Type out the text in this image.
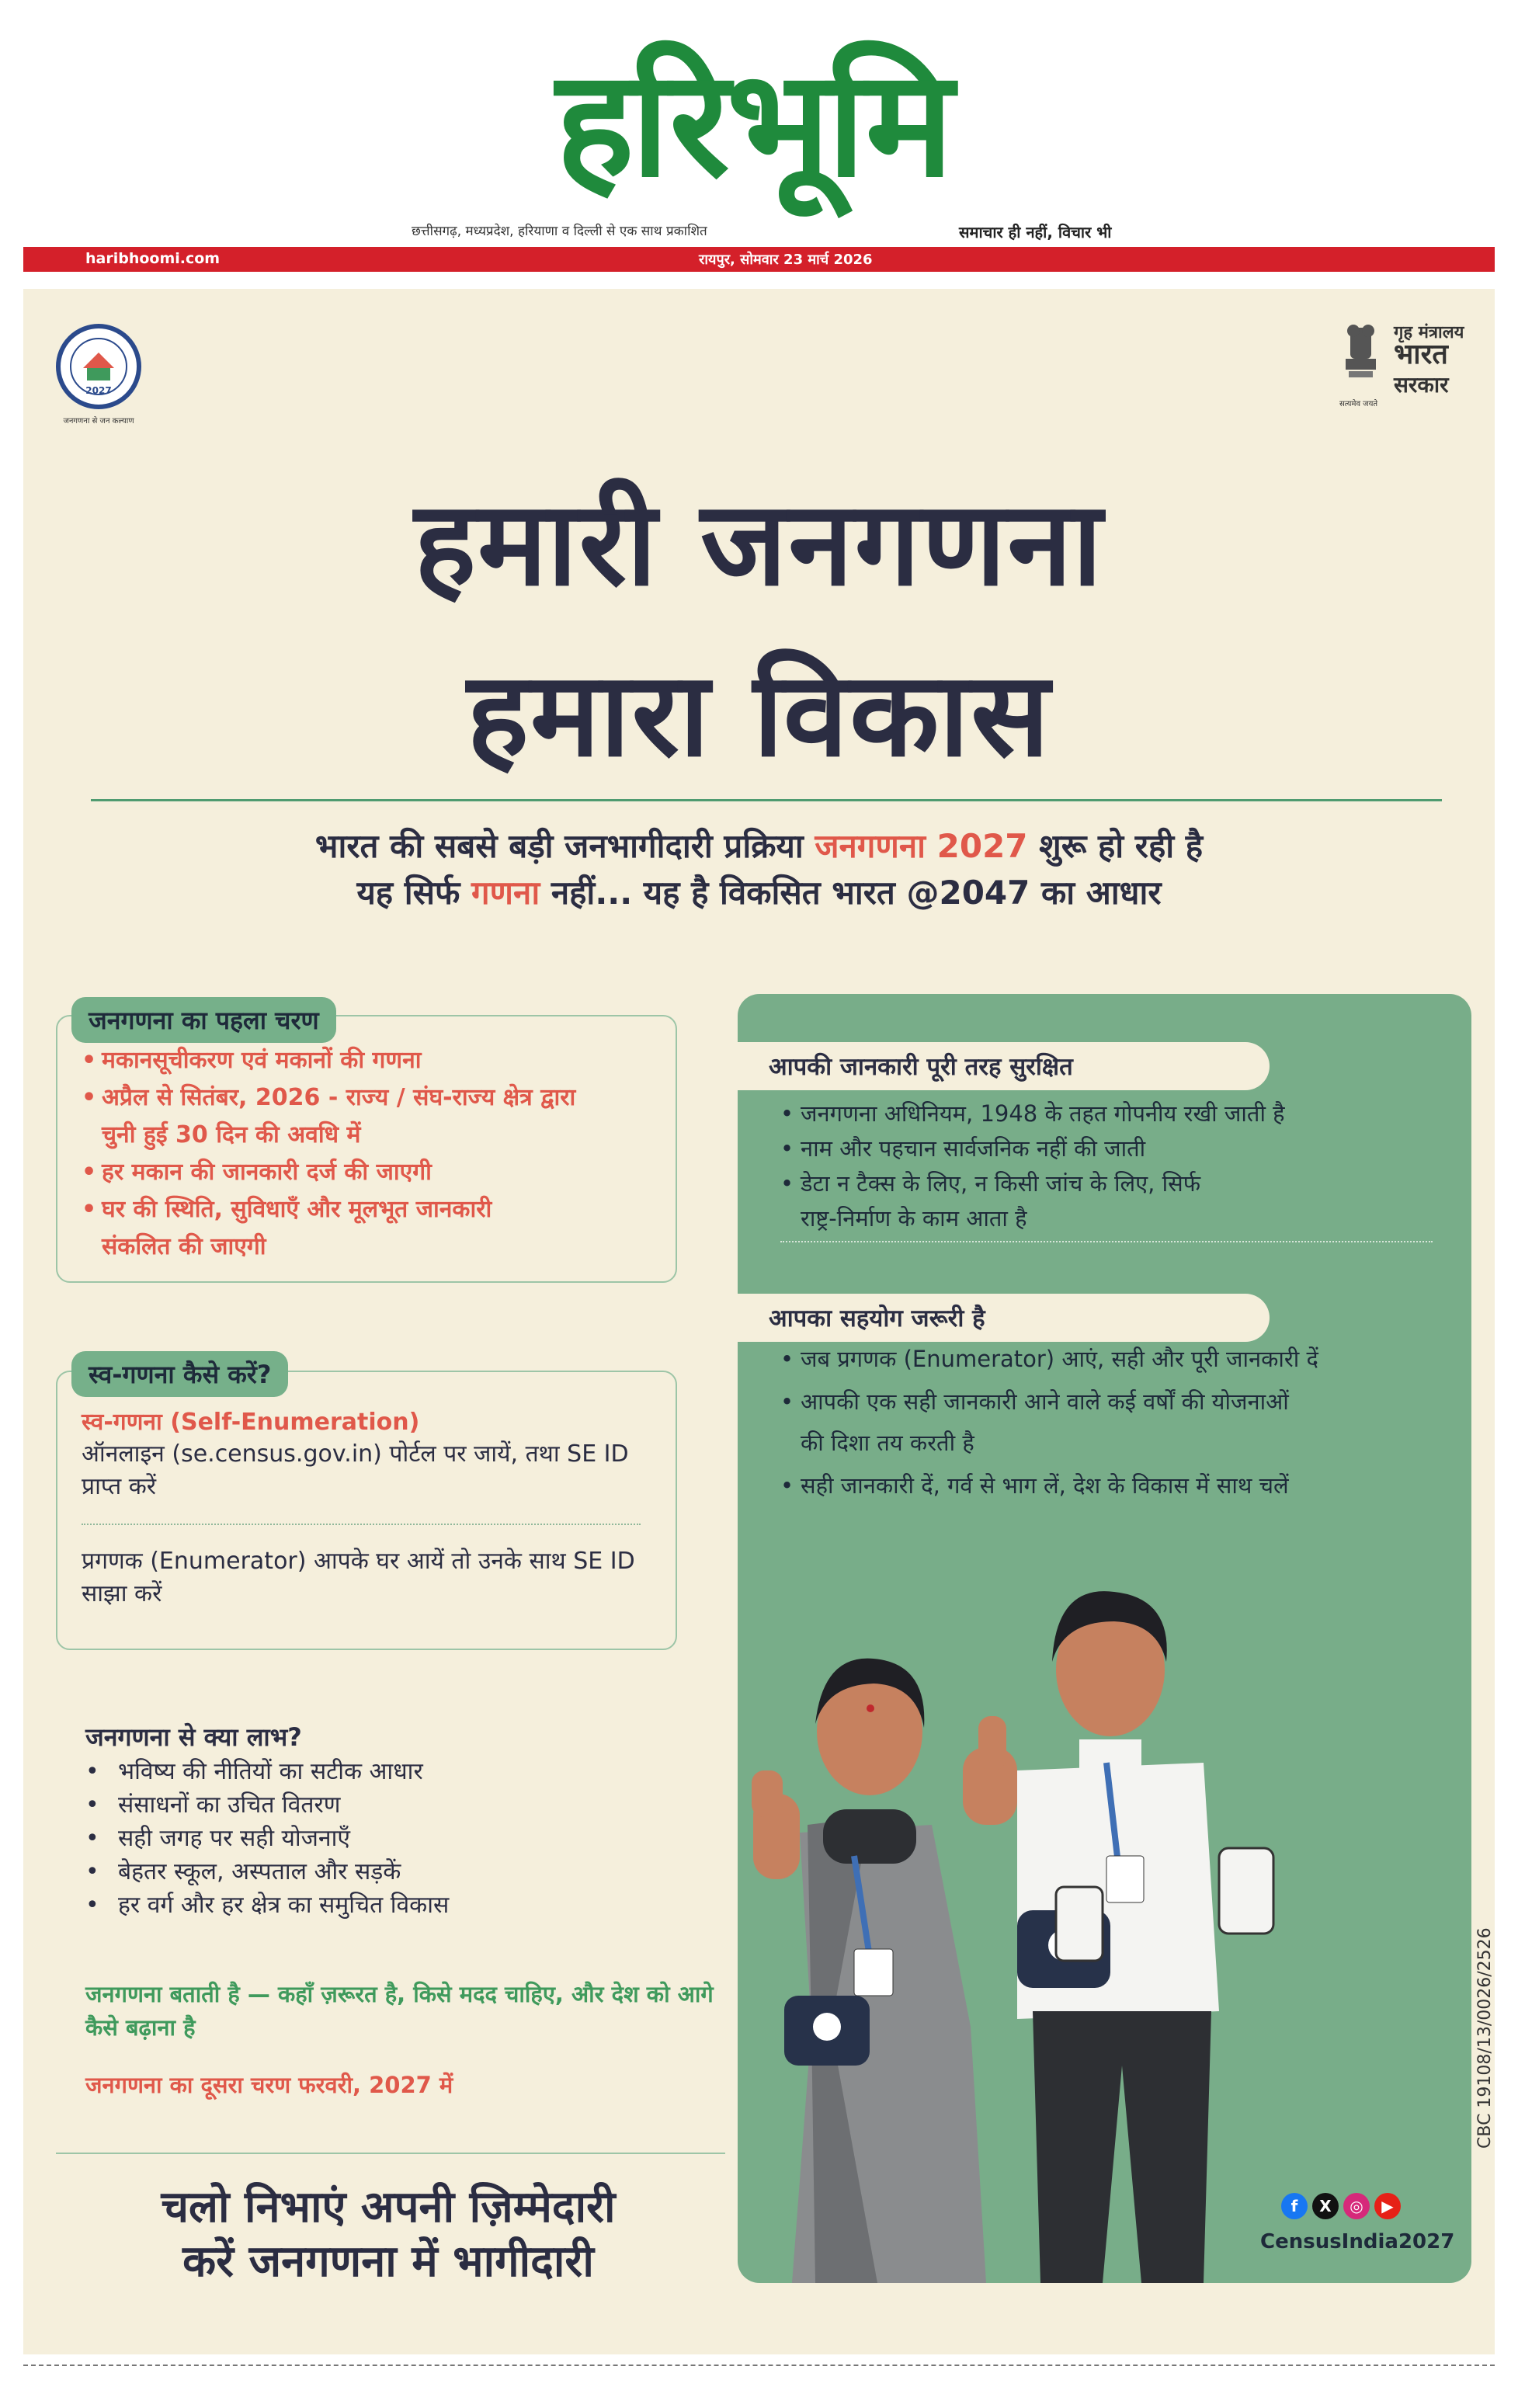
हरिभूमि
छत्तीसगढ़, मध्यप्रदेश, हरियाणा व दिल्ली से एक साथ प्रकाशित	समाचार ही नहीं, विचार भी
haribhoomi.com	रायपुर, सोमवार 23 मार्च 2026
2027
जनगणना से जन कल्याण
गृह मंत्रालय
भारत
सरकार
सत्यमेव जयते
हमारी जनगणना
हमारा विकास
भारत की सबसे बड़ी जनभागीदारी प्रक्रिया जनगणना 2027 शुरू हो रही है
यह सिर्फ गणना नहीं... यह है विकसित भारत @2047 का आधार
जनगणना का पहला चरण
• मकानसूचीकरण एवं मकानों की गणना
• अप्रैल से सितंबर, 2026 - राज्य / संघ-राज्य क्षेत्र द्वारा
चुनी हुई 30 दिन की अवधि में
• हर मकान की जानकारी दर्ज की जाएगी
• घर की स्थिति, सुविधाएँ और मूलभूत जानकारी
संकलित की जाएगी
स्व-गणना कैसे करें?
स्व-गणना (Self-Enumeration)
ऑनलाइन (se.census.gov.in) पोर्टल पर जायें, तथा SE ID प्राप्त करें
प्रगणक (Enumerator) आपके घर आयें तो उनके साथ SE ID साझा करें
जनगणना से क्या लाभ?
• भविष्य की नीतियों का सटीक आधार
• संसाधनों का उचित वितरण
• सही जगह पर सही योजनाएँ
• बेहतर स्कूल, अस्पताल और सड़कें
• हर वर्ग और हर क्षेत्र का समुचित विकास
जनगणना बताती है — कहाँ ज़रूरत है, किसे मदद चाहिए, और देश को आगे कैसे बढ़ाना है
जनगणना का दूसरा चरण फरवरी, 2027 में
चलो निभाएं अपनी ज़िम्मेदारी
करें जनगणना में भागीदारी
आपकी जानकारी पूरी तरह सुरक्षित
• जनगणना अधिनियम, 1948 के तहत गोपनीय रखी जाती है
• नाम और पहचान सार्वजनिक नहीं की जाती
• डेटा न टैक्स के लिए, न किसी जांच के लिए, सिर्फ
राष्ट्र-निर्माण के काम आता है
आपका सहयोग जरूरी है
• जब प्रगणक (Enumerator) आएं, सही और पूरी जानकारी दें
• आपकी एक सही जानकारी आने वाले कई वर्षों की योजनाओं
की दिशा तय करती है
• सही जानकारी दें, गर्व से भाग लें, देश के विकास में साथ चलें
f X ◎ ▶
CensusIndia2027
CBC 19108/13/0026/2526
